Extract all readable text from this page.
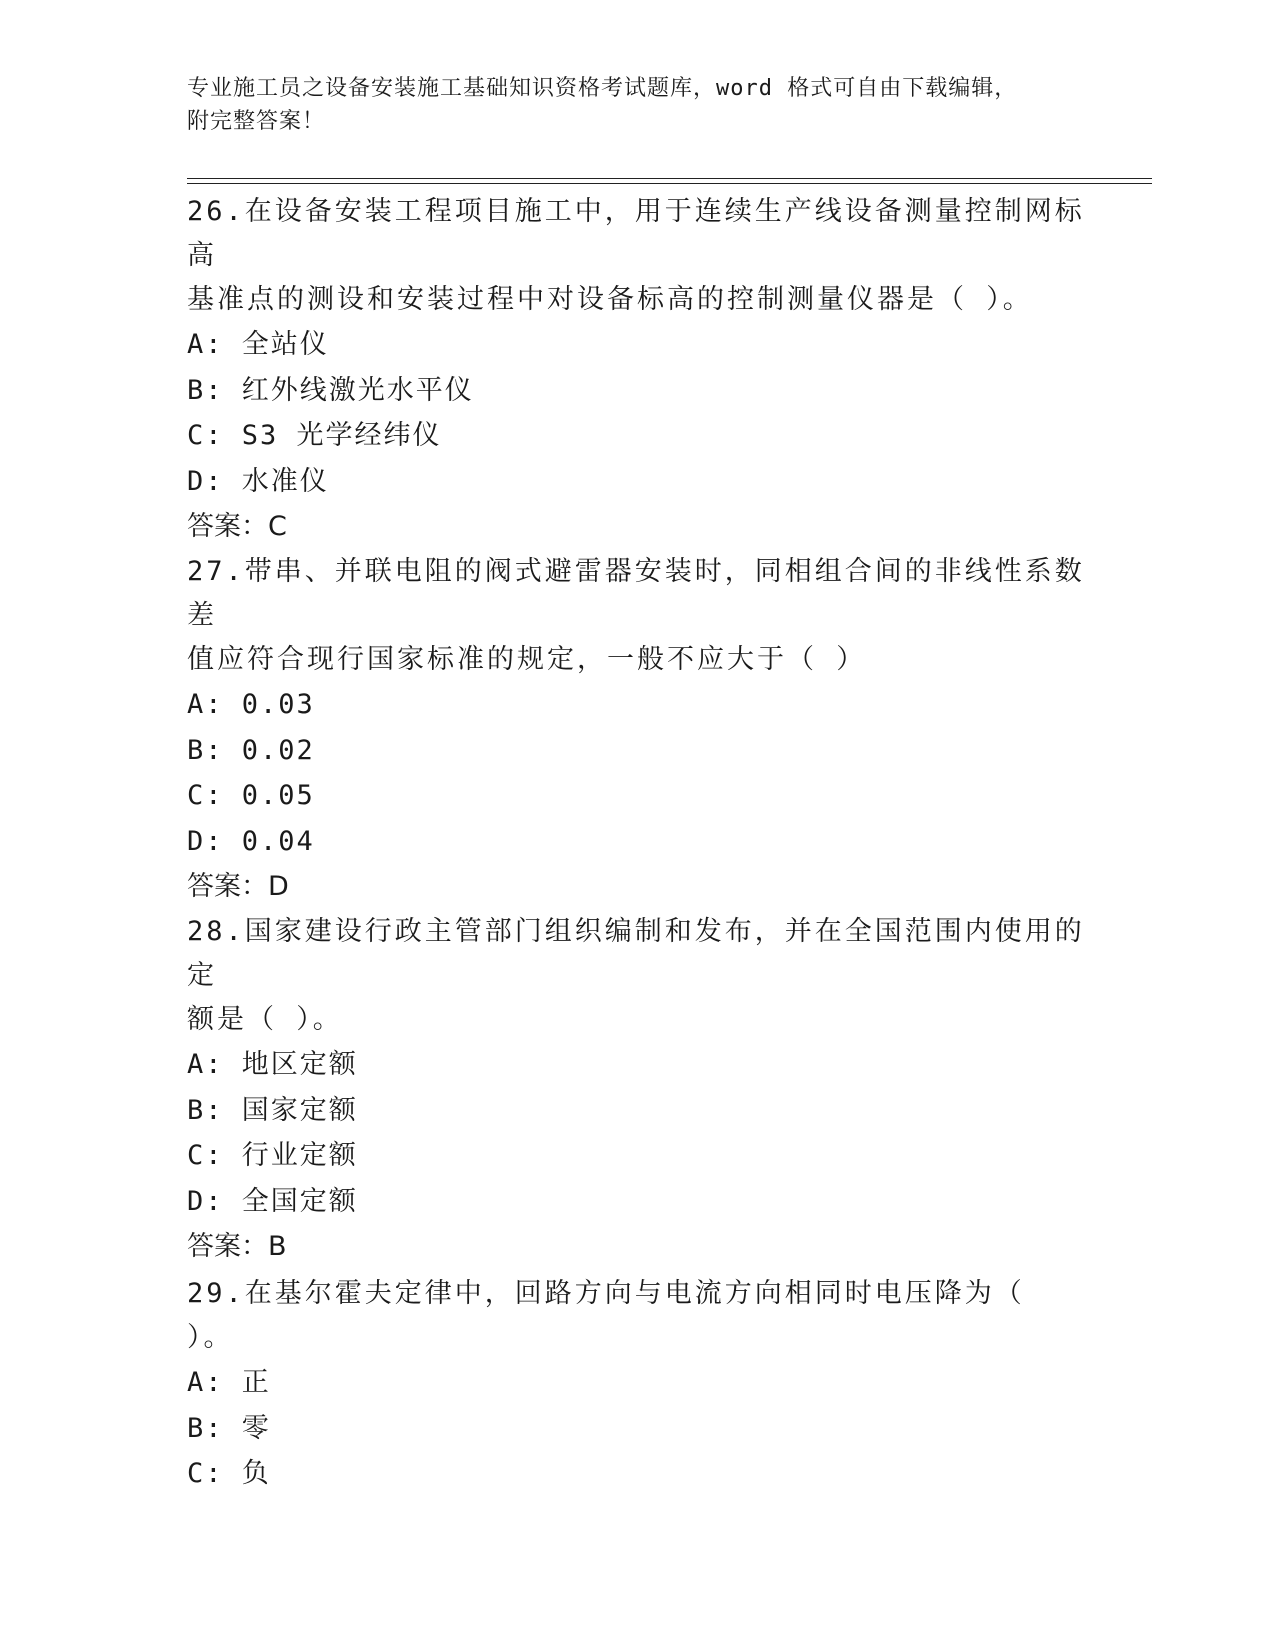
专业施工员之设备安装施工基础知识资格考试题库，word 格式可自由下载编辑，
附完整答案！

26.在设备安装工程项目施工中，用于连续生产线设备测量控制网标高

基准点的测设和安装过程中对设备标高的控制测量仪器是（ ）。

A: 全站仪

B: 红外线激光水平仪

C: S3 光学经纬仪

D: 水准仪

答案：C

27.带串、并联电阻的阀式避雷器安装时，同相组合间的非线性系数差

值应符合现行国家标准的规定，一般不应大于（ ）

A: 0.03

B: 0.02

C: 0.05

D: 0.04

答案：D

28.国家建设行政主管部门组织编制和发布，并在全国范围内使用的定

额是（ ）。

A: 地区定额

B: 国家定额

C: 行业定额

D: 全国定额

答案：B

29.在基尔霍夫定律中，回路方向与电流方向相同时电压降为（ ）。

A: 正

B: 零

C: 负
